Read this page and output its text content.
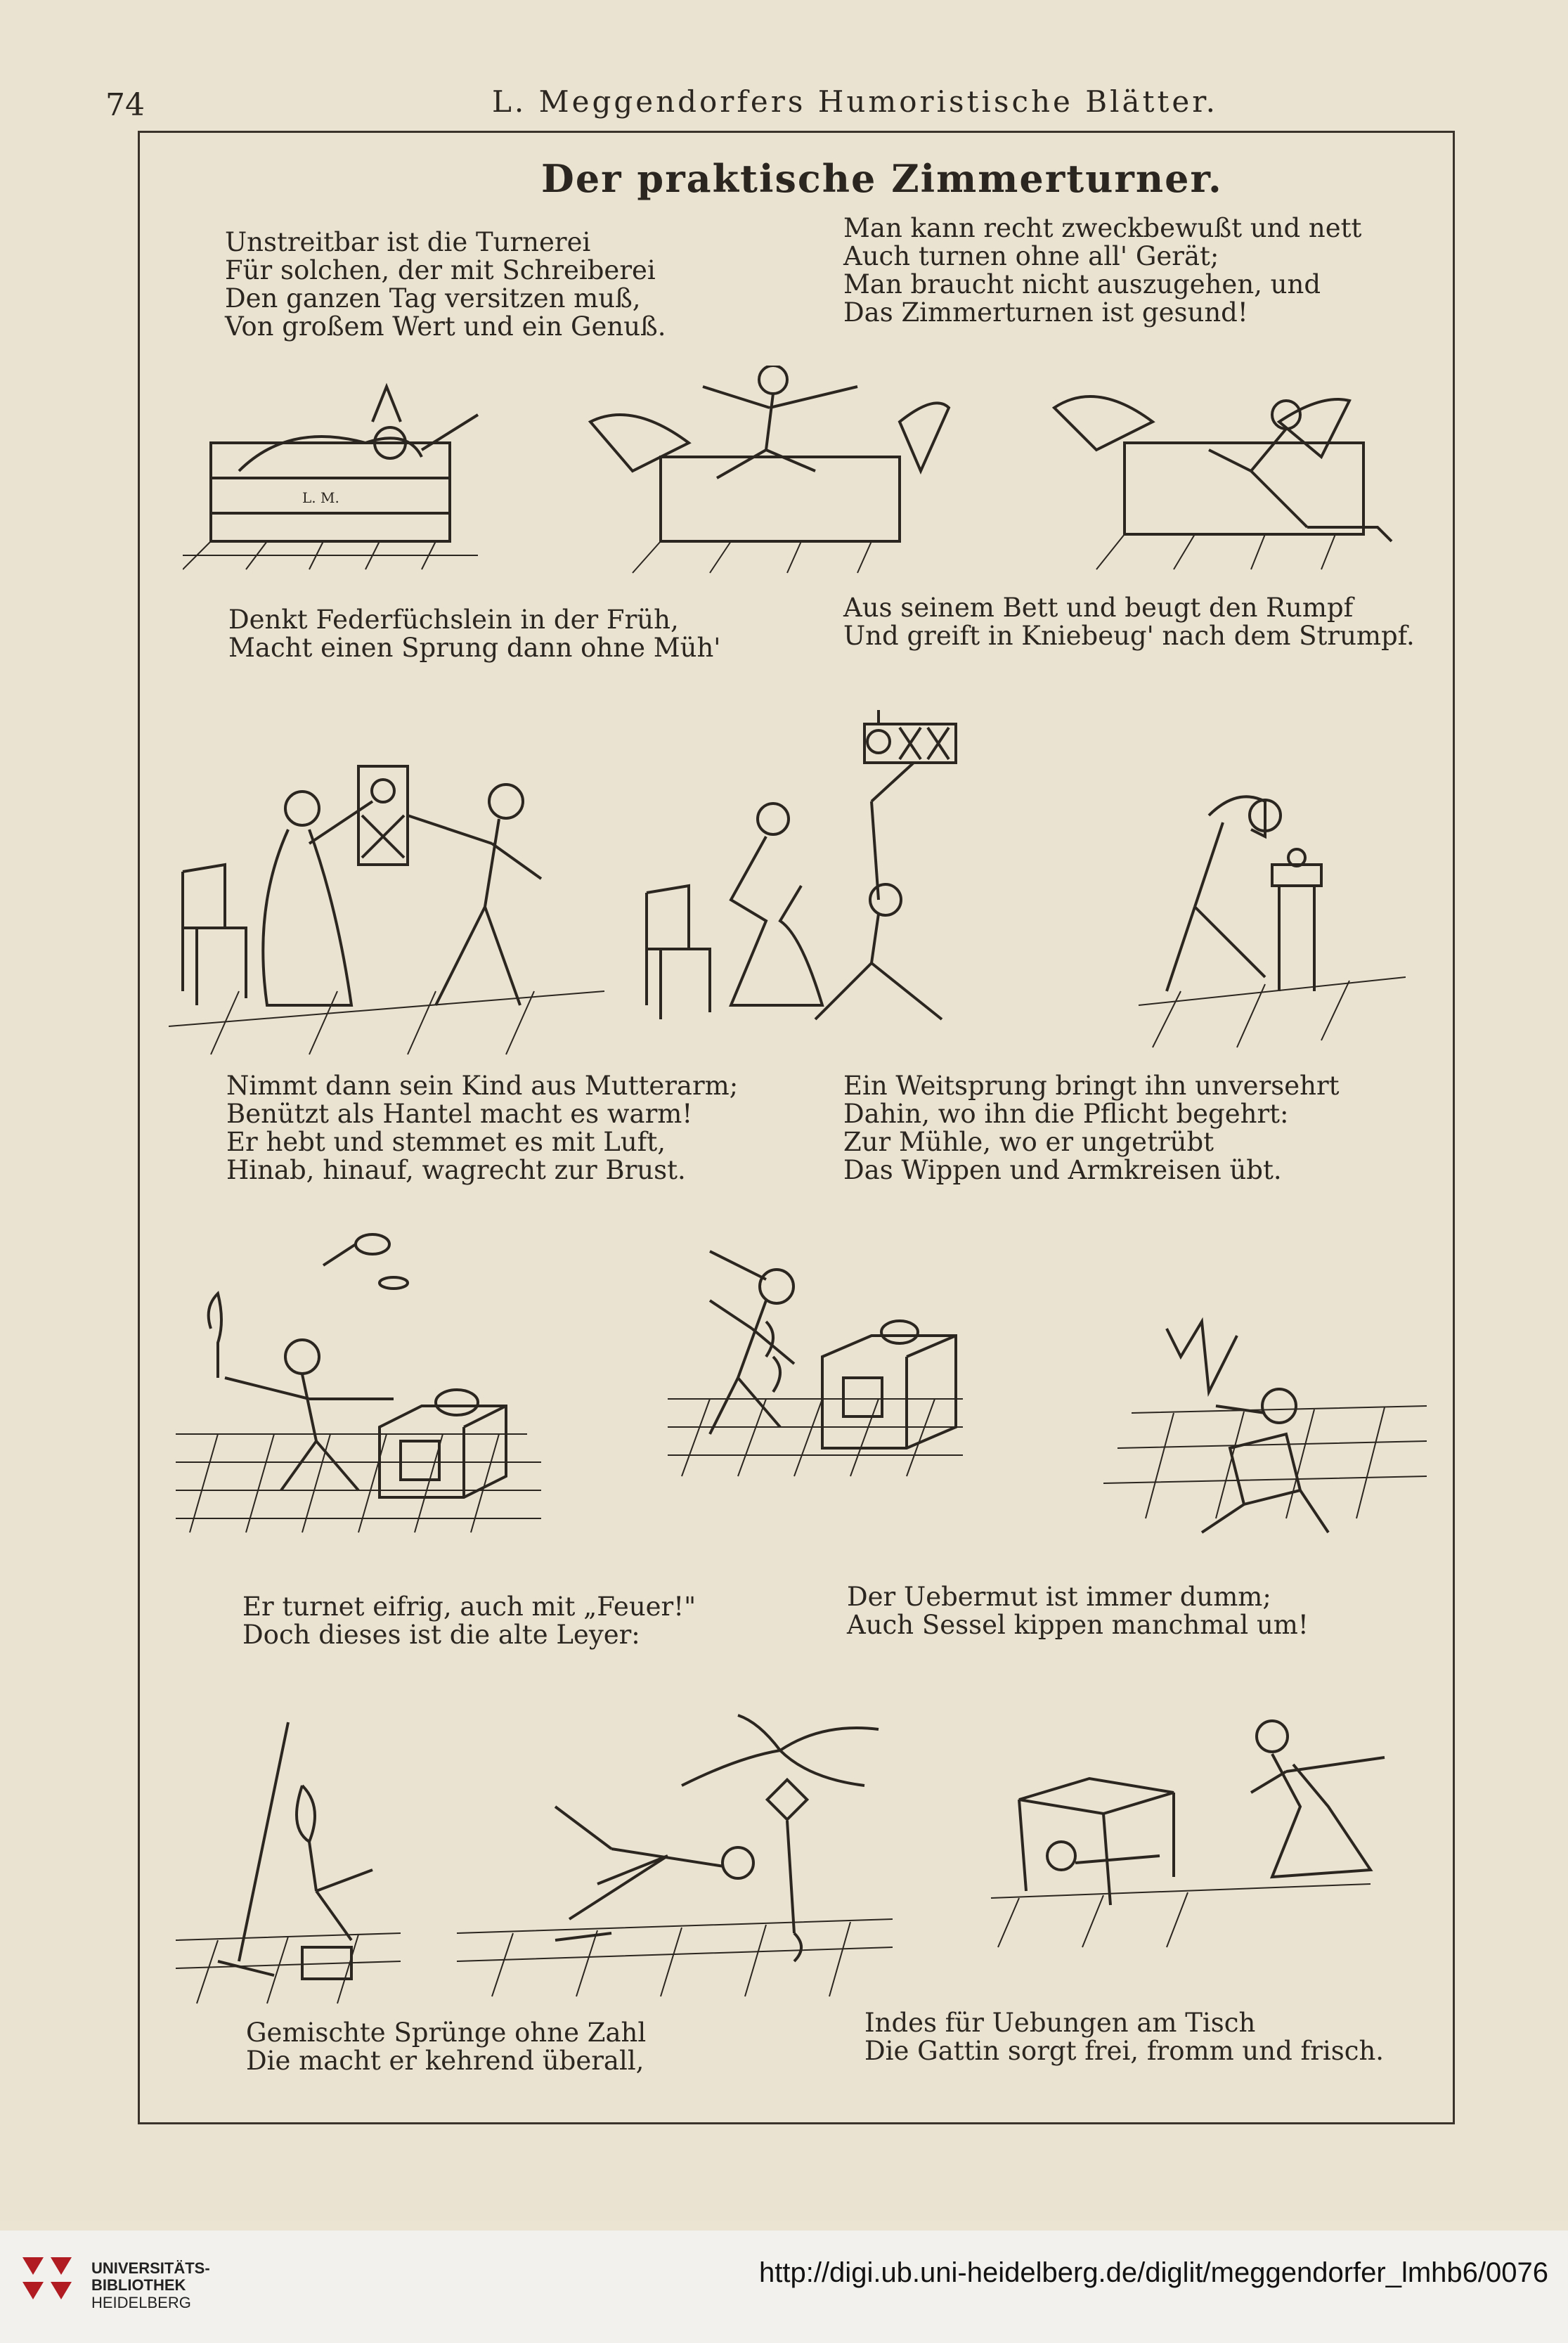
74	L. Meggendorfers Humoristische Blätter.
Der praktische Zimmerturner.
Unstreitbar ist die Turnerei
Für solchen, der mit Schreiberei
Den ganzen Tag versitzen muß,
Von großem Wert und ein Genuß.
Man kann recht zweckbewußt und nett
Auch turnen ohne all' Gerät;
Man braucht nicht auszugehen, und
Das Zimmerturnen ist gesund!
L. M.
Denkt Federfüchslein in der Früh,
Macht einen Sprung dann ohne Müh'
Aus seinem Bett und beugt den Rumpf
Und greift in Kniebeug' nach dem Strumpf.
Nimmt dann sein Kind aus Mutterarm;
Benützt als Hantel macht es warm!
Er hebt und stemmet es mit Luft,
Hinab, hinauf, wagrecht zur Brust.
Ein Weitsprung bringt ihn unversehrt
Dahin, wo ihn die Pflicht begehrt:
Zur Mühle, wo er ungetrübt
Das Wippen und Armkreisen übt.
Er turnet eifrig, auch mit „Feuer!"
Doch dieses ist die alte Leyer:
Der Uebermut ist immer dumm;
Auch Sessel kippen manchmal um!
Gemischte Sprünge ohne Zahl
Die macht er kehrend überall,
Indes für Uebungen am Tisch
Die Gattin sorgt frei, fromm und frisch.
UNIVERSITÄTS-
BIBLIOTHEK
HEIDELBERG
http://digi.ub.uni-heidelberg.de/diglit/meggendorfer_lmhb6/0076
